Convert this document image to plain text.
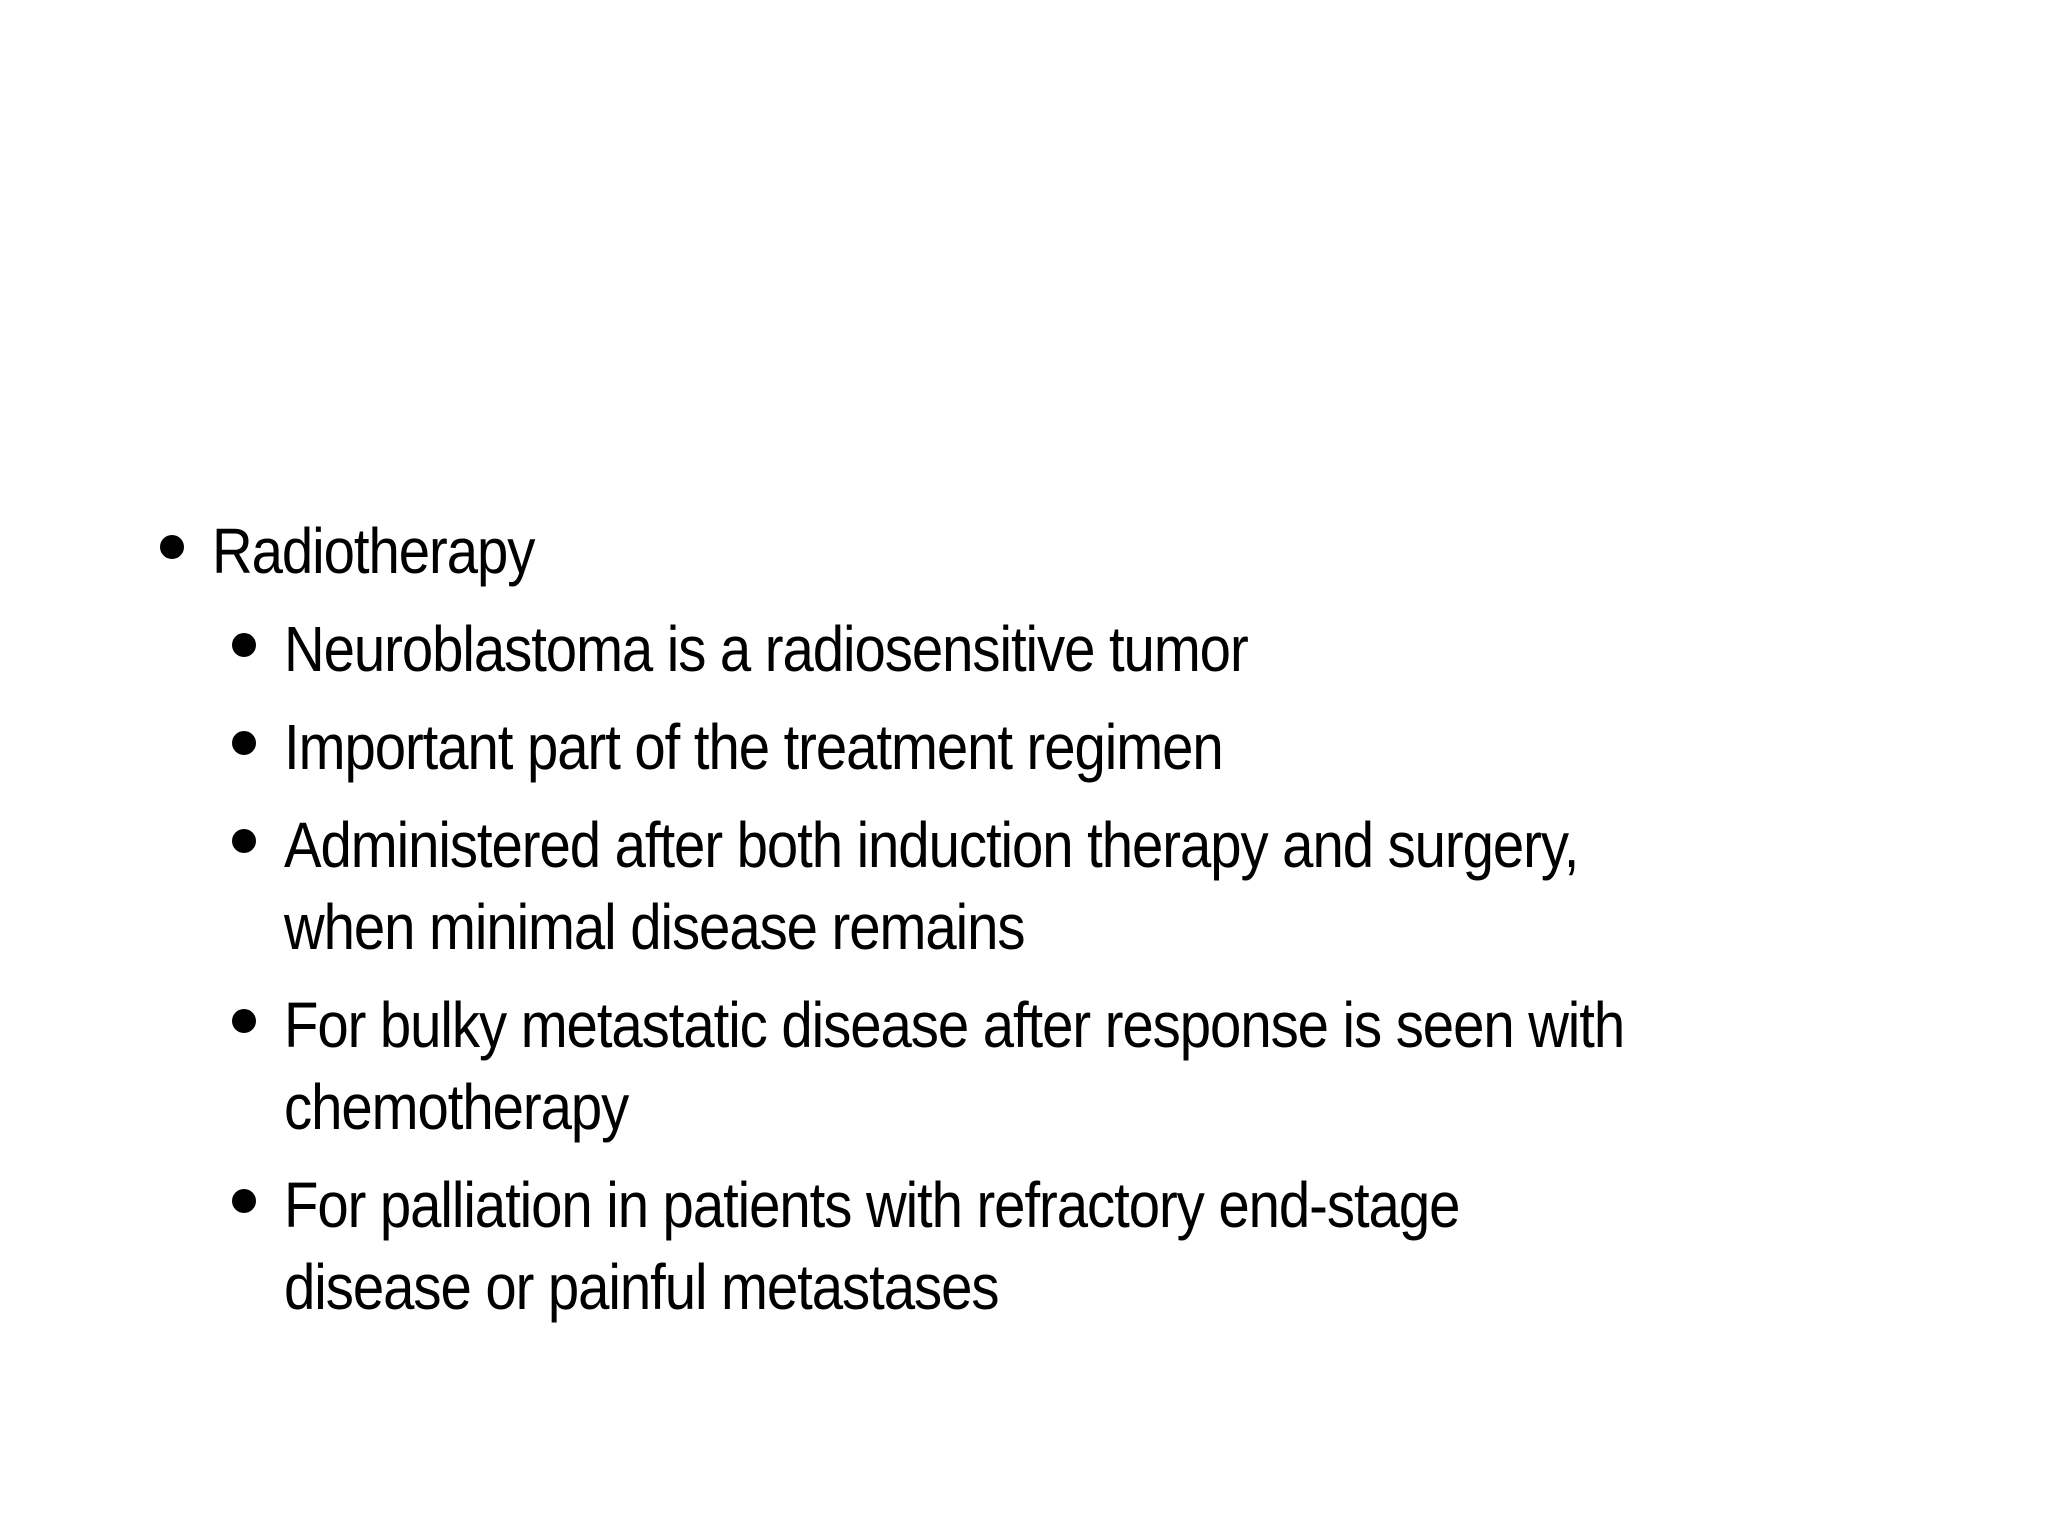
Radiotherapy
Neuroblastoma is a radiosensitive tumor
Important part of the treatment regimen
Administered after both induction therapy and surgery, when minimal disease remains
For bulky metastatic disease after response is seen with chemotherapy
For palliation in patients with refractory end-stage disease or painful metastases
